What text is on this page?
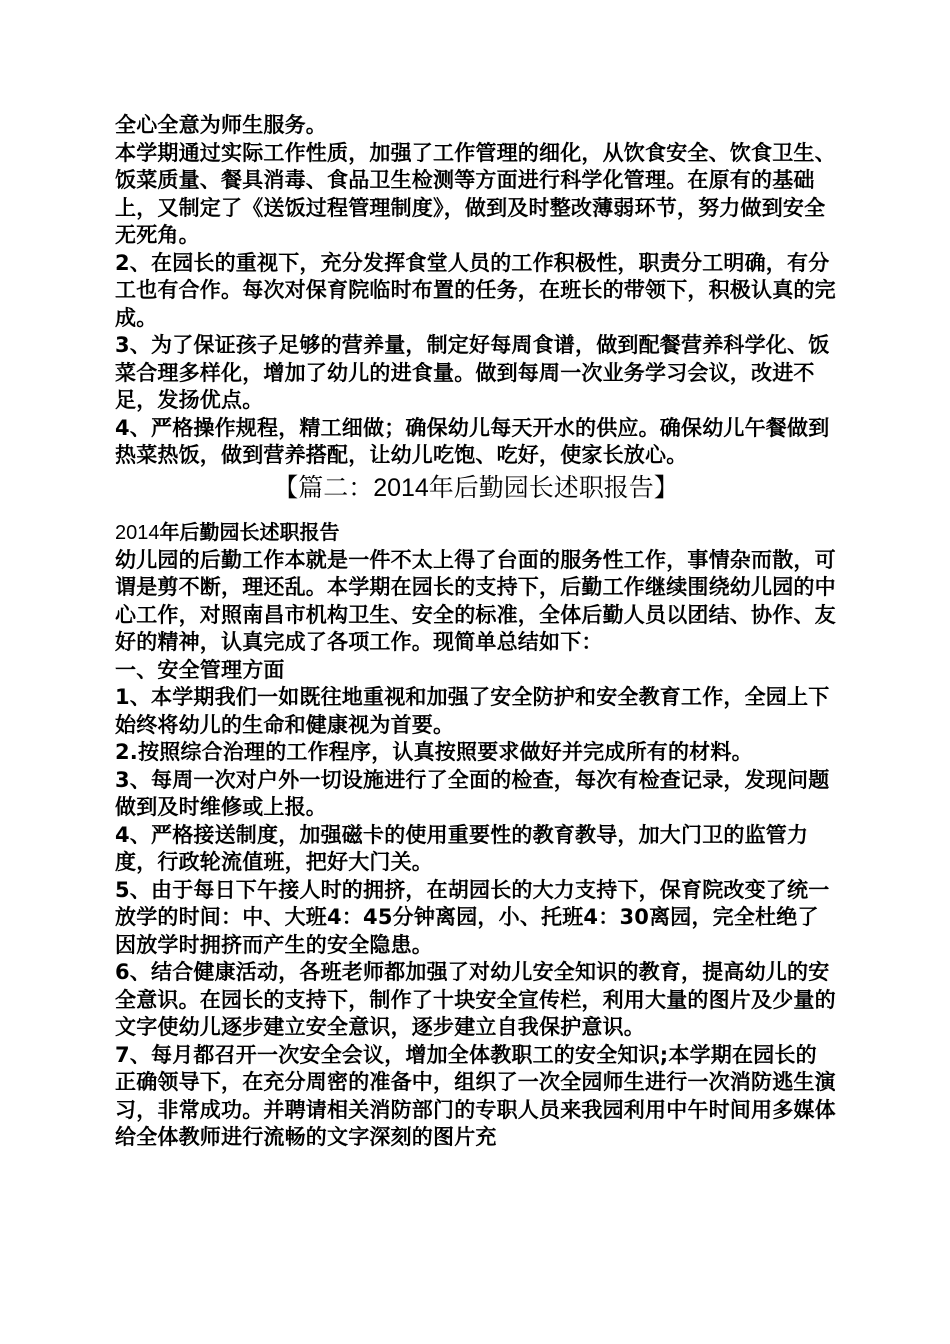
全心全意为师生服务。

本学期通过实际工作性质，加强了工作管理的细化，从饮食安全、饮食卫生、饭菜质量、餐具消毒、食品卫生检测等方面进行科学化管理。在原有的基础上，又制定了《送饭过程管理制度》，做到及时整改薄弱环节，努力做到安全无死角。

2、在园长的重视下，充分发挥食堂人员的工作积极性，职责分工明确，有分工也有合作。每次对保育院临时布置的任务，在班长的带领下，积极认真的完成。

3、为了保证孩子足够的营养量，制定好每周食谱，做到配餐营养科学化、饭菜合理多样化，增加了幼儿的进食量。做到每周一次业务学习会议，改进不足，发扬优点。

4、严格操作规程，精工细做；确保幼儿每天开水的供应。确保幼儿午餐做到热菜热饭，做到营养搭配，让幼儿吃饱、吃好，使家长放心。

【篇二：2014年后勤园长述职报告】

2014年后勤园长述职报告

幼儿园的后勤工作本就是一件不太上得了台面的服务性工作，事情杂而散，可谓是剪不断，理还乱。本学期在园长的支持下，后勤工作继续围绕幼儿园的中心工作，对照南昌市机构卫生、安全的标准，全体后勤人员以团结、协作、友好的精神，认真完成了各项工作。现简单总结如下：

一、安全管理方面

1、本学期我们一如既往地重视和加强了安全防护和安全教育工作，全园上下始终将幼儿的生命和健康视为首要。

2.按照综合治理的工作程序，认真按照要求做好并完成所有的材料。

3、每周一次对户外一切设施进行了全面的检查，每次有检查记录，发现问题做到及时维修或上报。

4、严格接送制度，加强磁卡的使用重要性的教育教导，加大门卫的监管力度，行政轮流值班，把好大门关。

5、由于每日下午接人时的拥挤，在胡园长的大力支持下，保育院改变了统一放学的时间：中、大班4：45分钟离园，小、托班4：30离园，完全杜绝了因放学时拥挤而产生的安全隐患。

6、结合健康活动，各班老师都加强了对幼儿安全知识的教育，提高幼儿的安全意识。在园长的支持下，制作了十块安全宣传栏，利用大量的图片及少量的文字使幼儿逐步建立安全意识，逐步建立自我保护意识。

7、每月都召开一次安全会议，增加全体教职工的安全知识;本学期在园长的正确领导下，在充分周密的准备中，组织了一次全园师生进行一次消防逃生演习，非常成功。并聘请相关消防部门的专职人员来我园利用中午时间用多媒体给全体教师进行流畅的文字深刻的图片充
